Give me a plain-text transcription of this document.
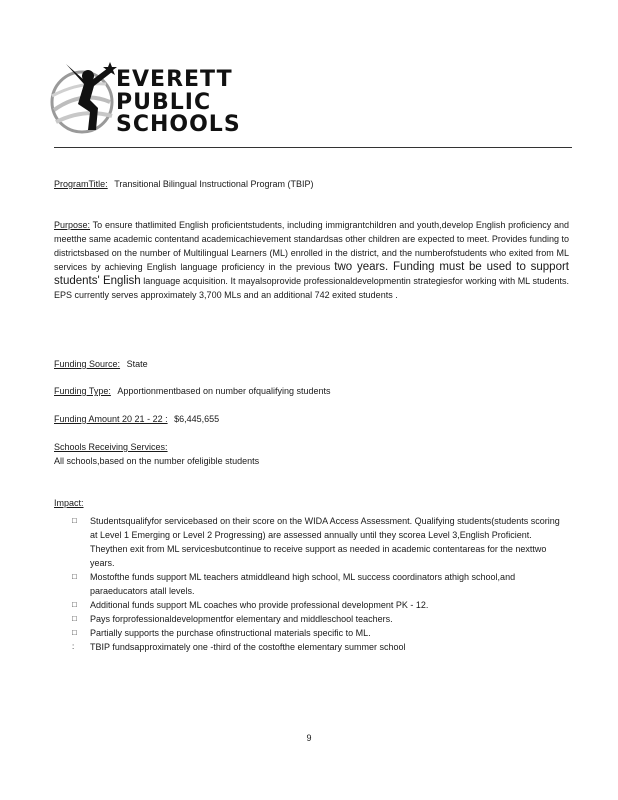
EVERETT
PUBLIC
SCHOOLS
ProgramTitle: Transitional Bilingual Instructional Program (TBIP)
Purpose: To ensure thatlimited English proficientstudents, including immigrantchildren and youth,develop English proficiency and meetthe same academic contentand academicachievement standardsas other children are expected to meet. Provides funding to districtsbased on the number of Multilingual Learners (ML) enrolled in the district, and the numberofstudents who exited from ML services by achieving English language proficiency in the previous two years. Funding must be used to support students' English language acquisition. It mayalsoprovide professionaldevelopmentin strategiesfor working with ML students. EPS currently serves approximately 3,700 MLs and an additional 742 exited students .
Funding Source: State
Funding Type: Apportionmentbased on number ofqualifying students
Funding Amount 20 21 - 22 : $6,445,655
Schools Receiving Services:
All schools,based on the number ofeligible students
Impact:
□ Studentsqualifyfor servicebased on their score on the WIDA Access Assessment. Qualifying students(students scoring at Level 1 Emerging or Level 2 Progressing) are assessed annually until they scorea Level 3,English Proficient. Theythen exit from ML servicesbutcontinue to receive support as needed in academic contentareas for the nexttwo years.
□ Mostofthe funds support ML teachers atmiddleand high school, ML success coordinators athigh school,and paraeducators atall levels.
□ Additional funds support ML coaches who provide professional development PK - 12.
□ Pays forprofessionaldevelopmentfor elementary and middleschool teachers.
□ Partially supports the purchase ofinstructional materials specific to ML.
: TBIP fundsapproximately one -third of the costofthe elementary summer school
9
